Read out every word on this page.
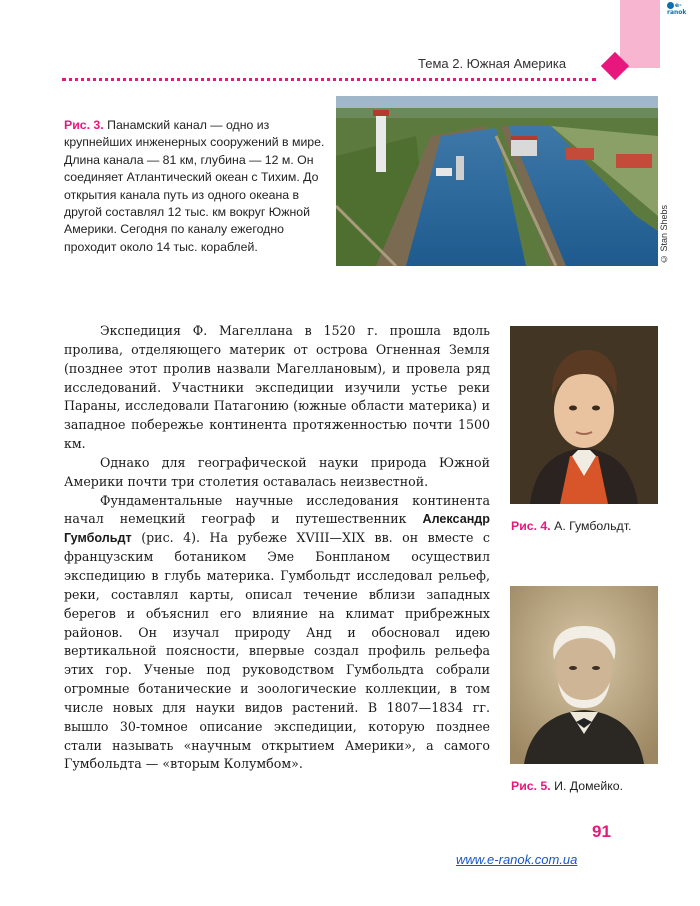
e-ranok
Тема 2. Южная Америка
Рис. 3. Панамский канал — одно из крупнейших инженерных сооружений в мире. Длина канала — 81 км, глубина — 12 м. Он соединяет Атлантический океан с Тихим. До открытия канала путь из одного океана в другой составлял 12 тыс. км вокруг Южной Америки. Сегодня по каналу ежегодно проходит около 14 тыс. кораблей.	© Stan Shebs
Рис. 4. А. Гумбольдт.
Рис. 5. И. Домейко.

Экспедиция Ф. Магеллана в 1520 г. прошла вдоль пролива, отделяющего материк от острова Огненная Земля (позднее этот пролив назвали Магеллановым), и провела ряд исследований. Участники экспедиции изучили устье реки Параны, исследовали Патагонию (южные области материка) и западное побережье континента протяженностью почти 1500 км.

Однако для географической науки природа Южной Америки почти три столетия оставалась неизвестной.

Фундаментальные научные исследования континента начал немецкий географ и путешественник Александр Гумбольдт (рис. 4). На рубеже XVIII—XIX вв. он вместе с французским ботаником Эме Бонпланом осуществил экспедицию в глубь материка. Гумбольдт исследовал рельеф, реки, составлял карты, описал течение вблизи западных берегов и объяснил его влияние на климат прибрежных районов. Он изучал природу Анд и обосновал идею вертикальной поясности, впервые создал профиль рельефа этих гор. Ученые под руководством Гумбольдта собрали огромные ботанические и зоологические коллекции, в том числе новых для науки видов растений. В 1807—1834 гг. вышло 30-томное описание экспедиции, которую позднее стали называть «научным открытием Америки», а самого Гумбольдта — «вторым Колумбом».

91
www.e-ranok.com.ua
